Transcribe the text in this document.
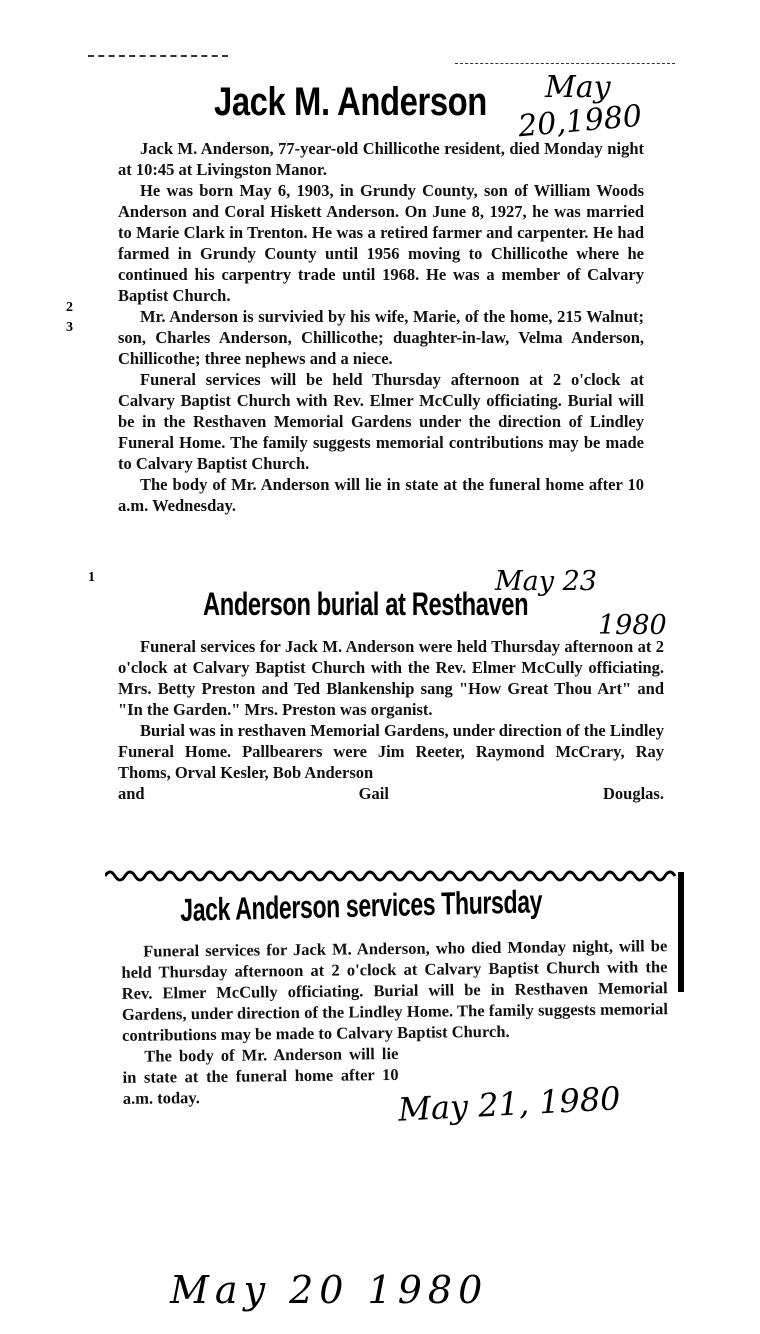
Jack M. Anderson

Jack M. Anderson, 77-year-old Chillicothe resident, died Monday night at 10:45 at Livingston Manor.

He was born May 6, 1903, in Grundy County, son of William Woods Anderson and Coral Hiskett Anderson. On June 8, 1927, he was married to Marie Clark in Trenton. He was a retired farmer and carpenter. He had farmed in Grundy County until 1956 moving to Chillicothe where he continued his carpentry trade until 1968. He was a member of Calvary Baptist Church.

Mr. Anderson is survivied by his wife, Marie, of the home, 215 Walnut; son, Charles Anderson, Chillicothe; duaghter-in-law, Velma Anderson, Chillicothe; three nephews and a niece.

Funeral services will be held Thursday afternoon at 2 o'clock at Calvary Baptist Church with Rev. Elmer McCully officiating. Burial will be in the Resthaven Memorial Gardens under the direction of Lindley Funeral Home. The family suggests memorial contributions may be made to Calvary Baptist Church.

The body of Mr. Anderson will lie in state at the funeral home after 10 a.m. Wednesday.

May
20,1980
2
3
Anderson burial at Resthaven

Funeral services for Jack M. Anderson were held Thursday afternoon at 2 o'clock at Calvary Baptist Church with the Rev. Elmer McCully officiating. Mrs. Betty Preston and Ted Blankenship sang "How Great Thou Art" and "In the Garden." Mrs. Preston was organist.

Burial was in resthaven Memorial Gardens, under direction of the Lindley Funeral Home. Pallbearers were Jim Reeter, Raymond McCrary, Ray Thoms, Orval Kesler, Bob Anderson

and	Gail	Douglas.
May 23
1980
1
Jack Anderson services Thursday

Funeral services for Jack M. Anderson, who died Monday night, will be held Thursday afternoon at 2 o'clock at Calvary Baptist Church with the Rev. Elmer McCully officiating. Burial will be in Resthaven Memorial Gardens, under direction of the Lindley Home. The family suggests memorial contributions may be made to Calvary Baptist Church.

The body of Mr. Anderson will lie in state at the funeral home after 10 a.m. today.	May 21, 1980
May 20 1980
